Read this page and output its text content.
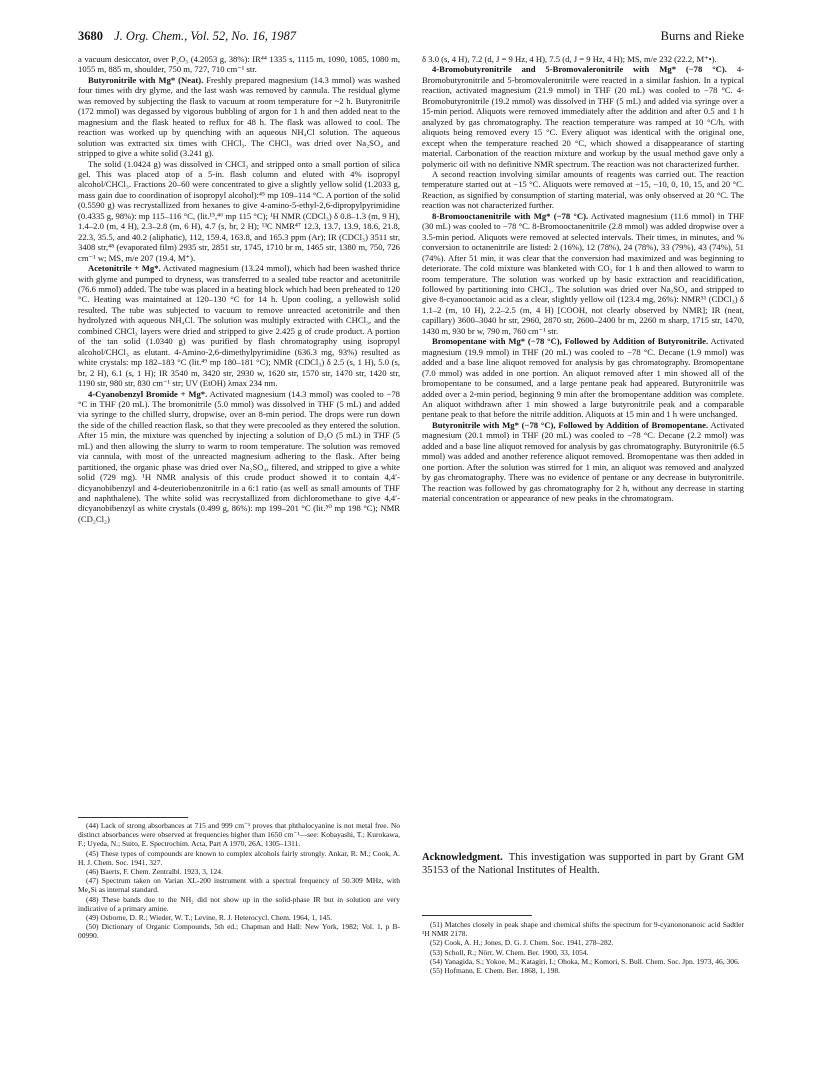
3680 J. Org. Chem., Vol. 52, No. 16, 1987	Burns and Rieke

a vacuum desiccator, over P₂O₅ (4.2053 g, 38%): IR⁴⁴ 1335 s, 1115 m, 1090, 1085, 1080 m, 1055 m, 885 m, shoulder, 750 m, 727, 710 cm⁻¹ str.

Butyronitrile with Mg* (Neat). Freshly prepared magnesium (14.3 mmol) was washed four times with dry glyme, and the last wash was removed by cannula. The residual glyme was removed by subjecting the flask to vacuum at room temperature for ~2 h. Butyronitrile (172 mmol) was degassed by vigorous bubbling of argon for 1 h and then added neat to the magnesium and the flask heated to reflux for 48 h. The flask was allowed to cool. The reaction was worked up by quenching with an aqueous NH₄Cl solution. The aqueous solution was extracted six times with CHCl₃. The CHCl₃ was dried over Na₂SO₄ and stripped to give a white solid (3.241 g).

The solid (1.0424 g) was dissolved in CHCl₃ and stripped onto a small portion of silica gel. This was placed atop of a 5-in. flash column and eluted with 4% isopropyl alcohol/CHCl₃. Fractions 20–60 were concentrated to give a slightly yellow solid (1.2033 g, mass gain due to coordination of isopropyl alcohol):⁴⁵ mp 109–114 °C. A portion of the solid (0.5590 g) was recrystallized from hexanes to give 4-amino-5-ethyl-2,6-dipropylpyrimidine (0.4335 g, 98%): mp 115–116 °C, (lit.¹⁵,⁴⁶ mp 115 °C); ¹H NMR (CDCl₃) δ 0.8–1.3 (m, 9 H), 1.4–2.0 (m, 4 H), 2.3–2.8 (m, 6 H), 4.7 (s, br, 2 H); ¹³C NMR⁴⁷ 12.3, 13.7, 13.9, 18.6, 21.8, 22.3, 35.5, and 40.2 (aliphatic), 112, 159.4, 163.8, and 165.3 ppm (Ar); IR (CDCl₃) 3511 str, 3408 str,⁴⁸ (evaporated film) 2935 str, 2851 str, 1745, 1710 br m, 1465 str, 1380 m, 750, 726 cm⁻¹ w; MS, m/e 207 (19.4, M⁺).

Acetonitrile + Mg*. Activated magnesium (13.24 mmol), which had been washed thrice with glyme and pumped to dryness, was transferred to a sealed tube reactor and acetonitrile (76.6 mmol) added. The tube was placed in a heating block which had been preheated to 120 °C. Heating was maintained at 120–130 °C for 14 h. Upon cooling, a yellowish solid resulted. The tube was subjected to vacuum to remove unreacted acetonitrile and then hydrolyzed with aqueous NH₄Cl. The solution was multiply extracted with CHCl₃, and the combined CHCl₃ layers were dried and stripped to give 2.425 g of crude product. A portion of the tan solid (1.0340 g) was purified by flash chromatography using isopropyl alcohol/CHCl₃ as elutant. 4-Amino-2,6-dimethylpyrimidine (636.3 mg, 93%) resulted as white crystals: mp 182–183 °C (lit.⁴⁹ mp 180–181 °C); NMR (CDCl₃) δ 2.5 (s, 1 H), 5.0 (s, br, 2 H), 6.1 (s, 1 H); IR 3540 m, 3420 str, 2930 w, 1620 str, 1570 str, 1470 str, 1420 str, 1190 str, 980 str, 830 cm⁻¹ str; UV (EtOH) λmax 234 nm.

4-Cyanobenzyl Bromide + Mg*. Activated magnesium (14.3 mmol) was cooled to −78 °C in THF (20 mL). The bromonitrile (5.0 mmol) was dissolved in THF (5 mL) and added via syringe to the chilled slurry, dropwise, over an 8-min period. The drops were run down the side of the chilled reaction flask, so that they were precooled as they entered the solution. After 15 min, the mixture was quenched by injecting a solution of D₂O (5 mL) in THF (5 mL) and then allowing the slurry to warm to room temperature. The solution was removed via cannula, with most of the unreacted magnesium adhering to the flask. After being partitioned, the organic phase was dried over Na₂SO₄, filtered, and stripped to give a white solid (729 mg). ¹H NMR analysis of this crude product showed it to contain 4,4′-dicyanobibenzyl and 4-deuteriobenzonitrile in a 6:1 ratio (as well as small amounts of THF and naphthalene). The white solid was recrystallized from dichloromethane to give 4,4′-dicyanobibenzyl as white crystals (0.499 g, 86%): mp 199–201 °C (lit.⁵⁰ mp 198 °C); NMR (CD₂Cl₂)

δ 3.0 (s, 4 H), 7.2 (d, J = 9 Hz, 4 H), 7.5 (d, J = 9 Hz, 4 H); MS, m/e 232 (22.2, M⁺•).

4-Bromobutyronitrile and 5-Bromovaleronitrile with Mg* (−78 °C). 4-Bromobutyronitrile and 5-bromovaleronitrile were reacted in a similar fashion. In a typical reaction, activated magnesium (21.9 mmol) in THF (20 mL) was cooled to −78 °C. 4-Bromobutyronitrile (19.2 mmol) was dissolved in THF (5 mL) and added via syringe over a 15-min period. Aliquots were removed immediately after the addition and after 0.5 and 1 h analyzed by gas chromatography. The reaction temperature was ramped at 10 °C/h, with aliquots being removed every 15 °C. Every aliquot was identical with the original one, except when the temperature reached 20 °C, which showed a disappearance of starting material. Carbonation of the reaction mixture and workup by the usual method gave only a polymeric oil with no definitive NMR spectrum. The reaction was not characterized further.

A second reaction involving similar amounts of reagents was carried out. The reaction temperature started out at −15 °C. Aliquots were removed at −15, −10, 0, 10, 15, and 20 °C. Reaction, as signified by consumption of starting material, was only observed at 20 °C. The reaction was not characterized further.

8-Bromooctanenitrile with Mg* (−78 °C). Activated magnesium (11.6 mmol) in THF (30 mL) was cooled to −78 °C. 8-Bromooctanenitrile (2.8 mmol) was added dropwise over a 3.5-min period. Aliquots were removed at selected intervals. Their times, in minutes, and % conversion to octanenitrile are listed: 2 (16%), 12 (78%), 24 (78%), 33 (79%), 43 (74%), 51 (74%). After 51 min, it was clear that the conversion had maximized and was beginning to deteriorate. The cold mixture was blanketed with CO₂ for 1 h and then allowed to warm to room temperature. The solution was worked up by basic extraction and reacidification, followed by partitioning into CHCl₃. The solution was dried over Na₂SO₄ and stripped to give 8-cyanooctanoic acid as a clear, slightly yellow oil (123.4 mg, 26%): NMR⁵¹ (CDCl₃) δ 1.1–2 (m, 10 H), 2.2–2.5 (m, 4 H) [COOH, not clearly observed by NMR]; IR (neat, capillary) 3600–3040 br str, 2960, 2870 str, 2600–2400 br m, 2260 m sharp, 1715 str, 1470, 1430 m, 930 br w, 790 m, 760 cm⁻¹ str.

Bromopentane with Mg* (−78 °C), Followed by Addition of Butyronitrile. Activated magnesium (19.9 mmol) in THF (20 mL) was cooled to −78 °C. Decane (1.9 mmol) was added and a base line aliquot removed for analysis by gas chromatography. Bromopentane (7.0 mmol) was added in one portion. An aliquot removed after 1 min showed all of the bromopentane to be consumed, and a large pentane peak had appeared. Butyronitrile was added over a 2-min period, beginning 9 min after the bromopentane addition was complete. An aliquot withdrawn after 1 min showed a large butyronitrile peak and a comparable pentane peak to that before the nitrile addition. Aliquots at 15 min and 1 h were unchanged.

Butyronitrile with Mg* (−78 °C), Followed by Addition of Bromopentane. Activated magnesium (20.1 mmol) in THF (20 mL) was cooled to −78 °C. Decane (2.2 mmol) was added and a base line aliquot removed for analysis by gas chromatography. Butyronitrile (6.5 mmol) was added and another reference aliquot removed. Bromopentane was then added in one portion. After the solution was stirred for 1 min, an aliquot was removed and analyzed by gas chromatography. There was no evidence of pentane or any decrease in butyronitrile. The reaction was followed by gas chromatography for 2 h, without any decrease in starting material concentration or appearance of new peaks in the chromatogram.

Acknowledgment. This investigation was supported in part by Grant GM 35153 of the National Institutes of Health.

(44) Lack of strong absorbances at 715 and 999 cm⁻¹ proves that phthalocyanine is not metal free. No distinct absorbances were observed at frequencies higher than 1650 cm⁻¹—see: Kobayashi, T.; Kurokawa, F.; Uyeda, N.; Suito, E. Spectrochim. Acta, Part A 1970, 26A, 1305–1311.

(45) These types of compounds are known to complex alcohols fairly strongly. Ankar, R. M.; Cook, A. H. J. Chem. Soc. 1941, 327.

(46) Baerts, F. Chem. Zentralbl. 1923, 3, 124.

(47) Spectrum taken on Varian XL-200 instrument with a spectral frequency of 50.309 MHz, with Me₄Si as internal standard.

(48) These bands due to the NH₂ did not show up in the solid-phase IR but in solution are very indicative of a primary amine.

(49) Osborne, D. R.; Wieder, W. T.; Levine, R. J. Heterocycl. Chem. 1964, 1, 145.

(50) Dictionary of Organic Compounds, 5th ed.; Chapman and Hall: New York, 1982; Vol. 1, p B-00990.

(51) Matches closely in peak shape and chemical shifts the spectrum for 9-cyanononanoic acid Sadtler ¹H NMR 2178.

(52) Cook, A. H.; Jones, D. G. J. Chem. Soc. 1941, 278–282.

(53) Scholl, R.; Nörr, W. Chem. Ber. 1900, 33, 1054.

(54) Yanagida, S.; Yokoe, M.; Katagiri, I.; Ohoka, M.; Komori, S. Bull. Chem. Soc. Jpn. 1973, 46, 306.

(55) Hofmann, E. Chem. Ber. 1868, 1, 198.
